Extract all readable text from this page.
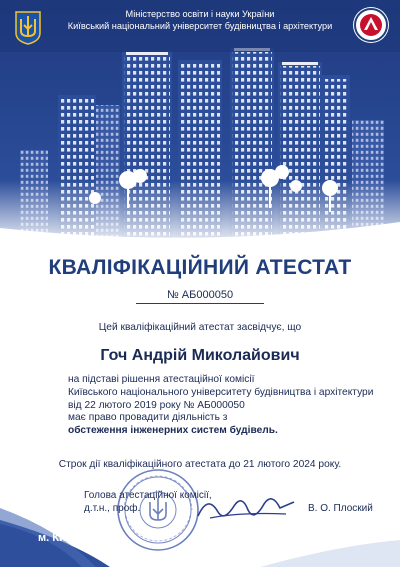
Міністерство освіти і науки України
Київський національний університет будівництва і архітектури
КВАЛІФІКАЦІЙНИЙ АТЕСТАТ
№ АБ000050
Цей кваліфікаційний атестат засвідчує, що
Гоч Андрій Миколайович
на підставі рішення атестаційної комісії
Київського національного університету будівництва і архітектури
від 22 лютого 2019 року № АБ000050
має право провадити діяльність з
обстеження інженерних систем будівель.
Строк дії кваліфікаційного атестата до 21 лютого 2024 року.
Голова атестаційної комісії,
д.т.н., проф.	В. О. Плоский
м. Київ
